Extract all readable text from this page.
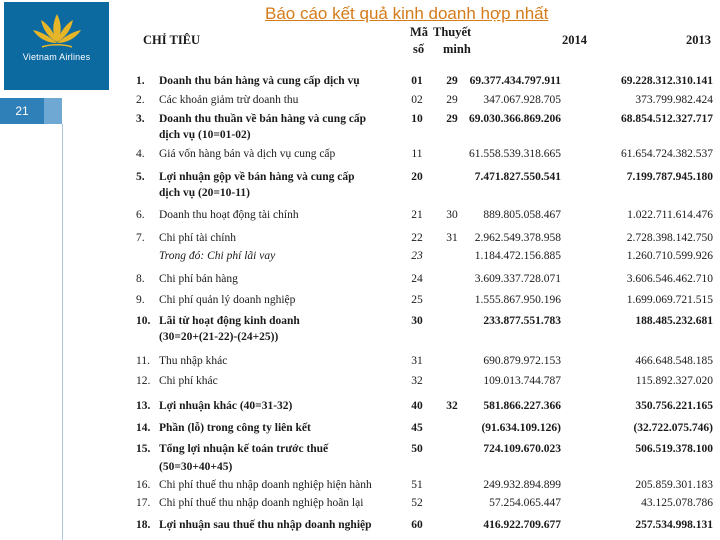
Vietnam Airlines
21
Báo cáo kết quả kinh doanh hợp nhất
CHỈ TIÊU
Mã
số
Thuyết
minh
2014	2013
1.	Doanh thu bán hàng và cung cấp dịch vụ	01	29	69.377.434.797.911	69.228.312.310.141
2.	Các khoản giảm trừ doanh thu	02	29	347.067.928.705	373.799.982.424
3.	Doanh thu thuần về bán hàng và cung cấp	10	29 69.030.366.869.206	68.854.512.327.717
dịch vụ (10=01-02)
4.	Giá vốn hàng bán và dịch vụ cung cấp	11	61.558.539.318.665	61.654.724.382.537
5.	Lợi nhuận gộp về bán hàng và cung cấp	20	7.471.827.550.541	7.199.787.945.180
dịch vụ (20=10-11)
6.	Doanh thu hoạt động tài chính	21	30	889.805.058.467	1.022.711.614.476
7.	Chi phí tài chính	22	31	2.962.549.378.958	2.728.398.142.750
Trong đó: Chi phí lãi vay	23	1.184.472.156.885	1.260.710.599.926
8.	Chi phí bán hàng	24	3.609.337.728.071	3.606.546.462.710
9.	Chi phí quản lý doanh nghiệp	25	1.555.867.950.196	1.699.069.721.515
10. Lãi từ hoạt động kinh doanh	30	233.877.551.783	188.485.232.681
(30=20+(21-22)-(24+25))
11. Thu nhập khác	31	690.879.972.153	466.648.548.185
12. Chi phí khác	32	109.013.744.787	115.892.327.020
13. Lợi nhuận khác (40=31-32)	40	32	581.866.227.366	350.756.221.165
14. Phần (lỗ) trong công ty liên kết	45	(91.634.109.126)	(32.722.075.746)
15. Tổng lợi nhuận kế toán trước thuế	50	724.109.670.023	506.519.378.100
(50=30+40+45)
16. Chi phí thuế thu nhập doanh nghiệp hiện hành	51	249.932.894.899	205.859.301.183
17. Chi phí thuế thu nhập doanh nghiệp hoãn lại	52	57.254.065.447	43.125.078.786
18. Lợi nhuận sau thuế thu nhập doanh nghiệp	60	416.922.709.677	257.534.998.131
